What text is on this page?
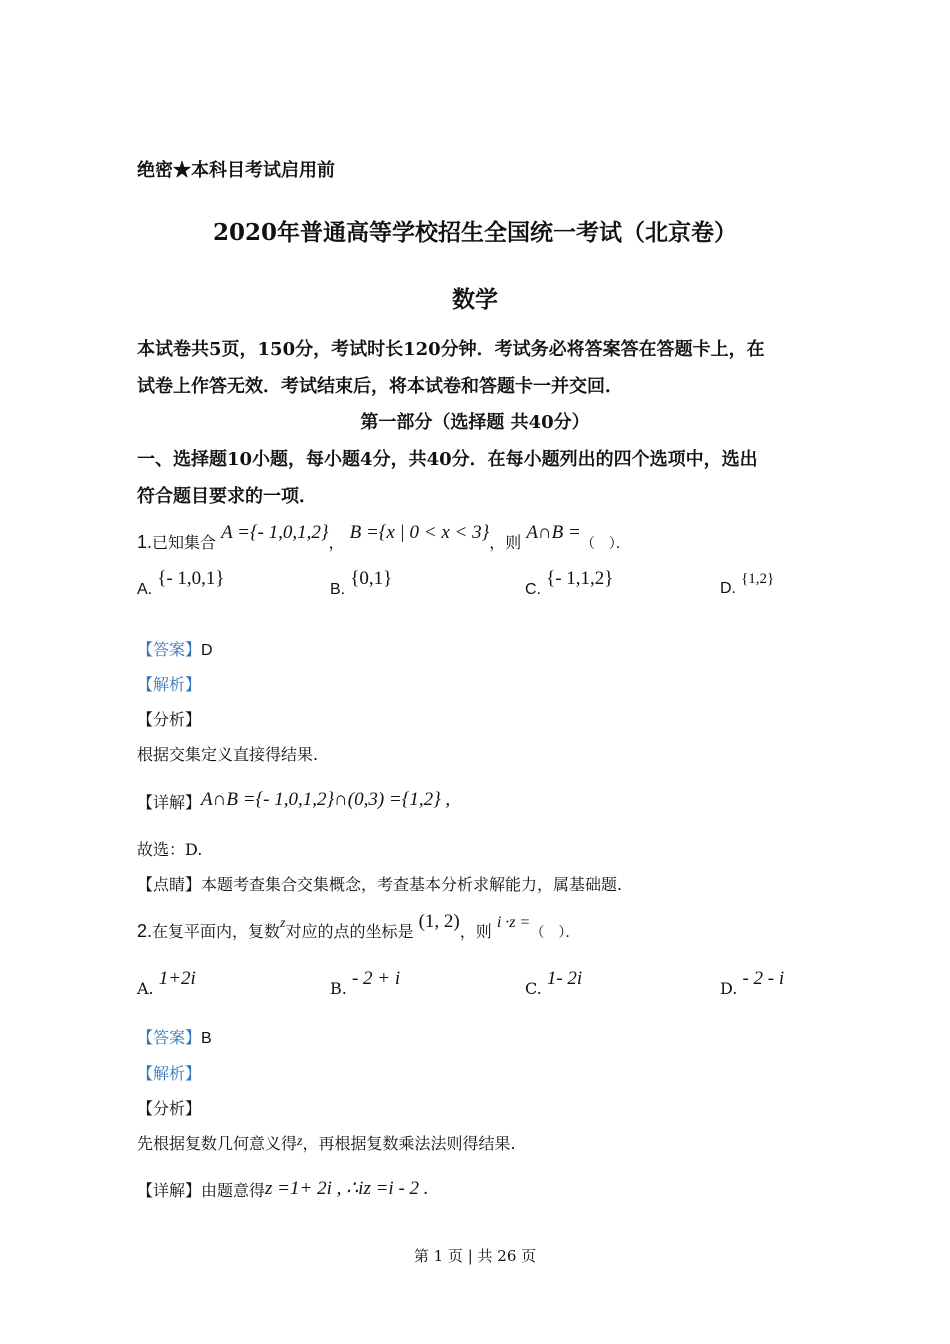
绝密★本科目考试启用前
2020年普通高等学校招生全国统一考试（北京卷）
数学
本试卷共5页，150分，考试时长120分钟．考试务必将答案答在答题卡上，在
试卷上作答无效．考试结束后，将本试卷和答题卡一并交回．
第一部分（选择题 共40分）
一、选择题10小题，每小题4分，共40分．在每小题列出的四个选项中，选出
符合题目要求的一项．
1.已知集合 A ={- 1,0,1,2}， B ={x | 0 < x < 3}，则 A∩B =（　）．
A. {- 1,0,1}
B. {0,1}
C. {- 1,1,2}	D. {1,2}
【答案】D
【解析】
【分析】
根据交集定义直接得结果.
【详解】A∩B ={- 1,0,1,2}∩(0,3) ={1,2} ,
故选：D.
【点睛】本题考查集合交集概念，考查基本分析求解能力，属基础题.
2.在复平面内，复数z对应的点的坐标是 (1, 2)，则 i ·z =（　）．
A. 1+2i	B. - 2 + i	C. 1- 2i	D. - 2 - i
【答案】B
【解析】
【分析】
先根据复数几何意义得z，再根据复数乘法法则得结果.
【详解】由题意得z =1+ 2i , ∴iz =i - 2 .
第 1 页 | 共 26 页
